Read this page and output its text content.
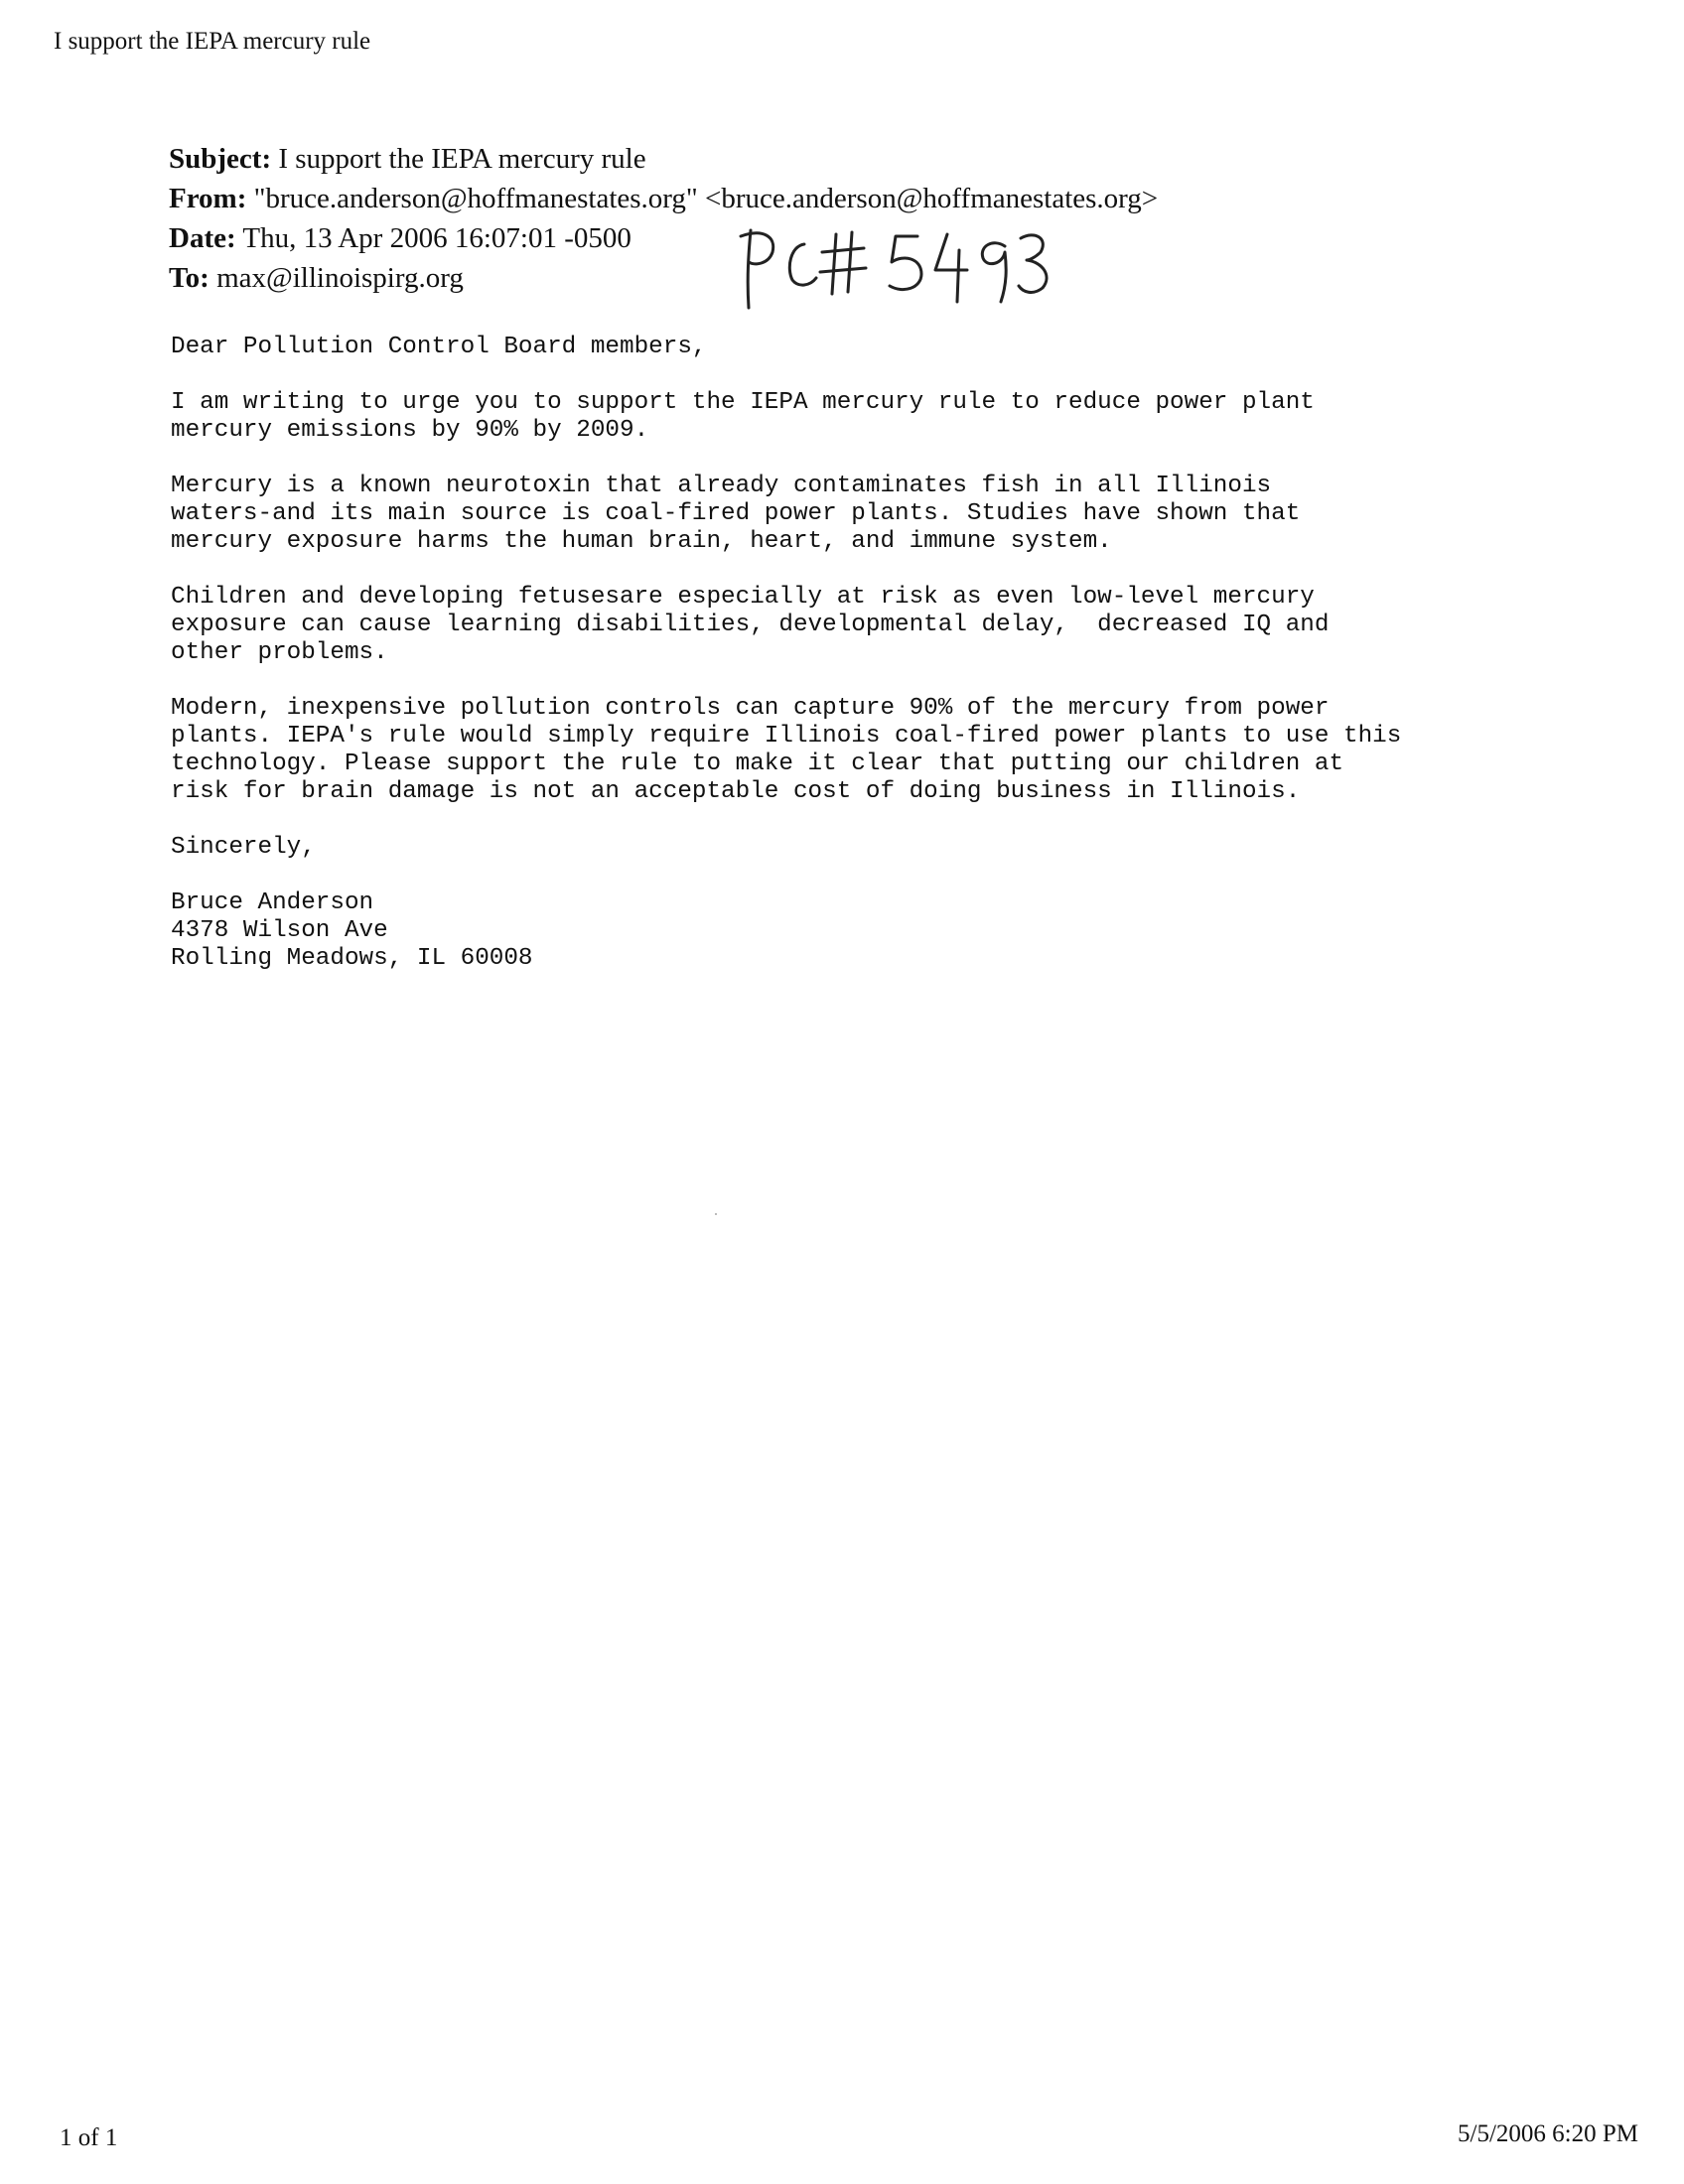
I support the IEPA mercury rule
Subject: I support the IEPA mercury rule
From: "bruce.anderson@hoffmanestates.org" <bruce.anderson@hoffmanestates.org>
Date: Thu, 13 Apr 2006 16:07:01 -0500
To: max@illinoispirg.org

Dear Pollution Control Board members,

I am writing to urge you to support the IEPA mercury rule to reduce power plant
mercury emissions by 90% by 2009.

Mercury is a known neurotoxin that already contaminates fish in all Illinois
waters-and its main source is coal-fired power plants. Studies have shown that
mercury exposure harms the human brain, heart, and immune system.

Children and developing fetusesare especially at risk as even low-level mercury
exposure can cause learning disabilities, developmental delay,  decreased IQ and
other problems.

Modern, inexpensive pollution controls can capture 90% of the mercury from power
plants. IEPA's rule would simply require Illinois coal-fired power plants to use this
technology. Please support the rule to make it clear that putting our children at
risk for brain damage is not an acceptable cost of doing business in Illinois.

Sincerely,

Bruce Anderson
4378 Wilson Ave
Rolling Meadows, IL 60008
1 of 1	5/5/2006 6:20 PM
